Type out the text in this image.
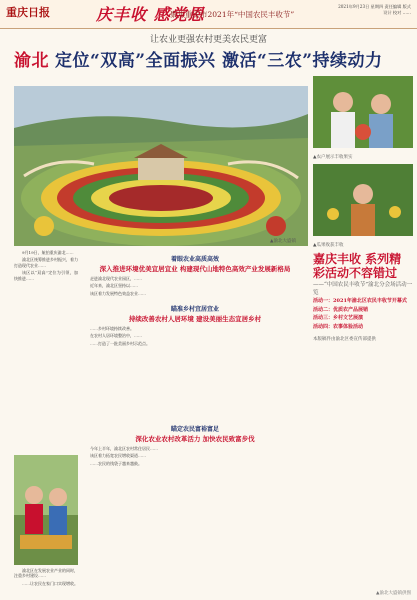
重庆日报	庆丰收 感党恩
聚焦重庆市2021年“中国农民丰收节”
2021年9月23日 星期四 责任编辑 版式设计 校对 ……
让农业更强农村更美农民更富
渝北 定位“双高”全面振兴 激活“三农”持续动力
▲渝北大盛镇

9月19日，航拍重庆渝北……

渝北区统筹推进乡村振兴，着力打造现代农业……

该区以“双高”定位为引领，加快推进……

着眼农业高质高效
深入推进环境优美宜居宜业 构建现代山地特色高效产业发展新格局

走进渝北现代农业园区，……

近年来，渝北区坚持以……

该区着力发展特色效益农业……

瞄准乡村宜居宜业
持续改善农村人居环境 建设美丽生态宜居乡村

……乡村环境持续改善。

在农村人居环境整治中，……

……打造了一批美丽乡村示范点。

瞄定农民富裕富足
深化农业农村改革活力 加快农民致富步伐

今年上半年，渝北区农村常住居民……

该区着力拓宽农民增收渠道……

……农民的钱袋子越来越鼓。

渝北区在发展农业产业的同时，注重乡村建设……

……让农民在家门口实现增收。

▲农户展示丰收果实
▲瓜果收获丰收
嘉庆丰收 系列精彩活动不容错过
——“中国农民丰收节”渝北分会场活动一览
活动一：2021年渝北区农民丰收节开幕式
活动二：优质农产品展销
活动三：乡村文艺展演
活动四：农事体验活动
本版稿件由渝北区委宣传部提供
▲渝北大盛镇供图
